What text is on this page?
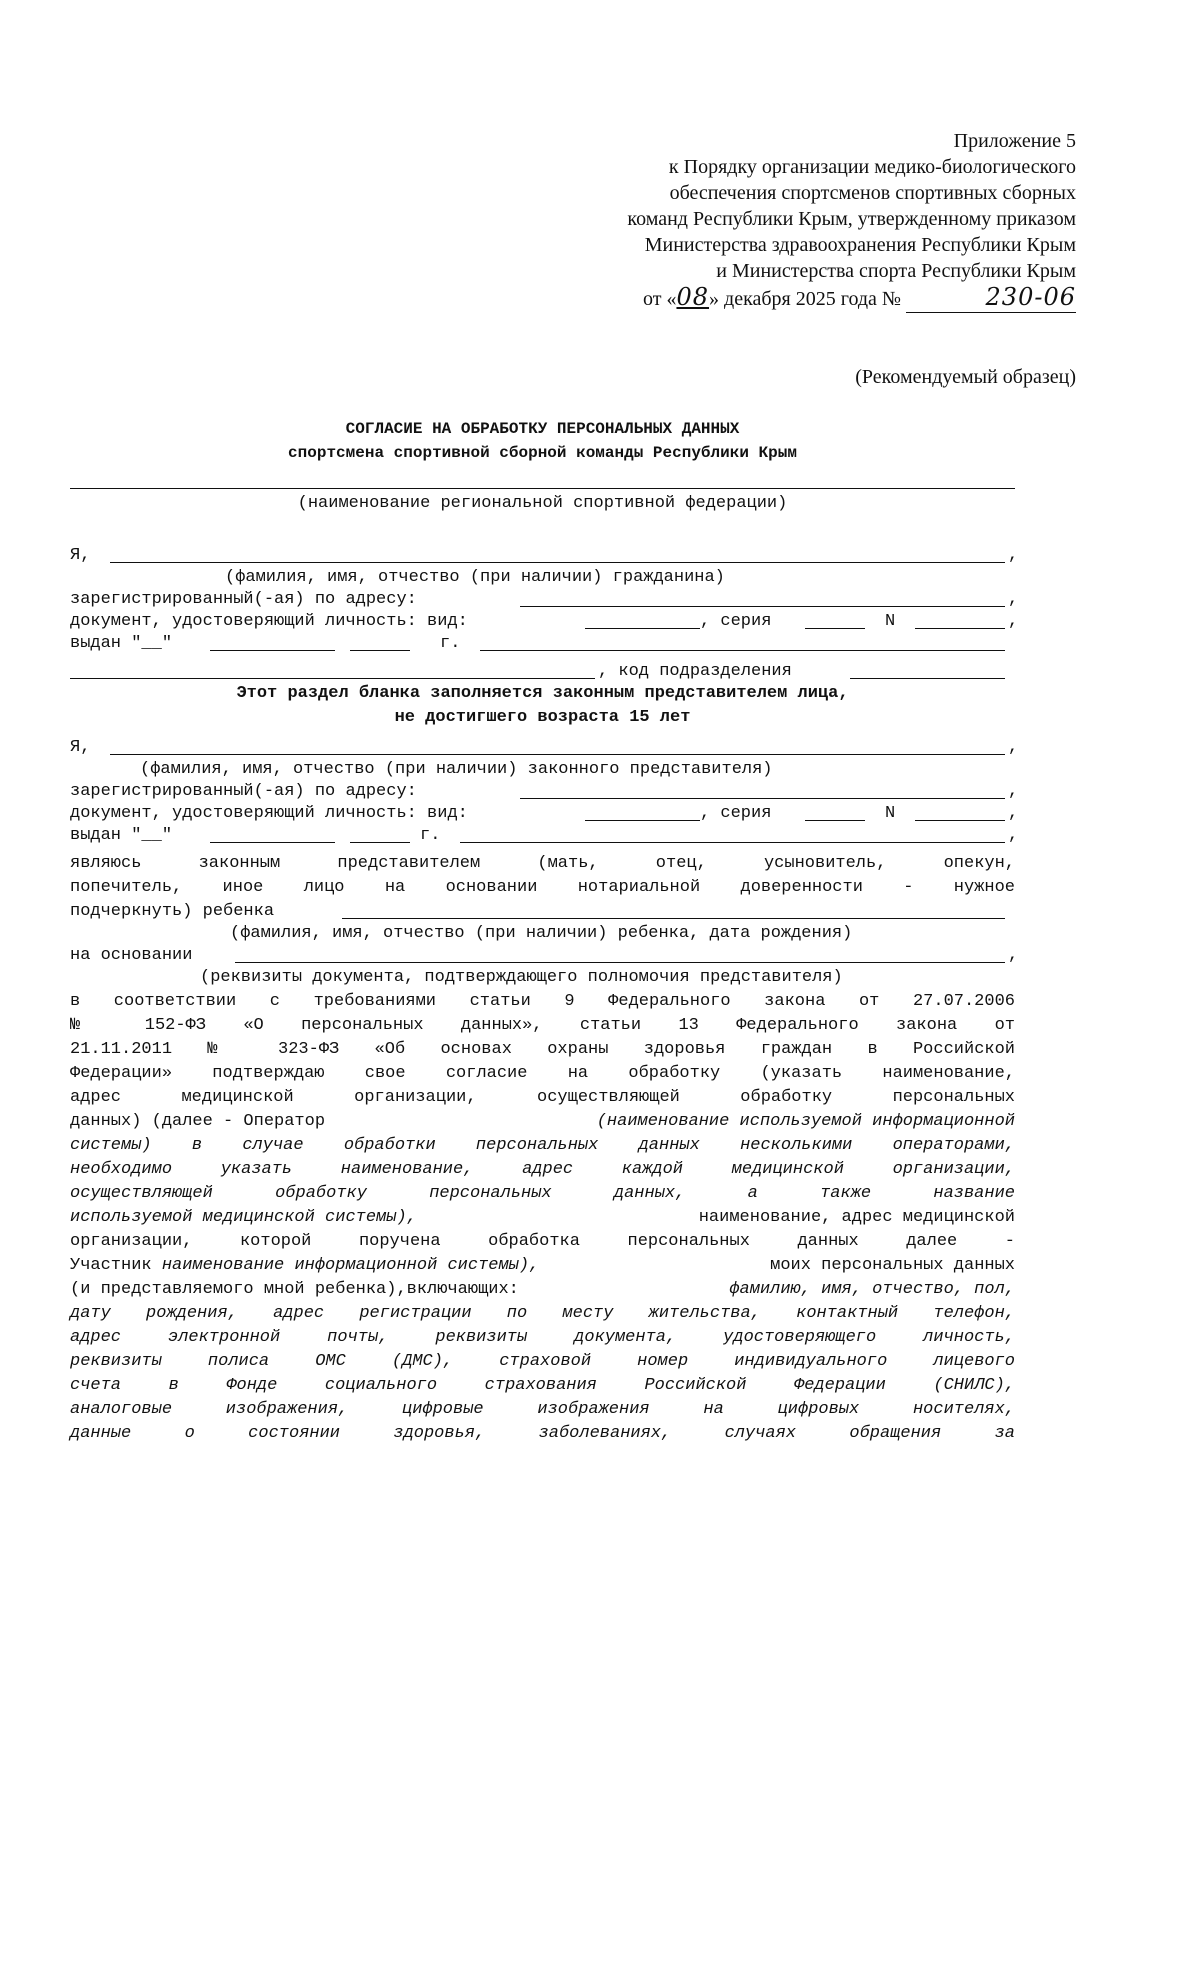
Приложение 5
к Порядку организации медико-биологического
обеспечения спортсменов спортивных сборных
команд Республики Крым, утвержденному приказом
Министерства здравоохранения Республики Крым
и Министерства спорта Республики Крым
от «08» декабря 2025 года №	230-06
(Рекомендуемый образец)
СОГЛАСИЕ НА ОБРАБОТКУ ПЕРСОНАЛЬНЫХ ДАННЫХ
спортсмена спортивной сборной команды Республики Крым
(наименование региональной спортивной федерации)
Я,	,
(фамилия, имя, отчество (при наличии) гражданина)
зарегистрированный(-ая) по адресу:	,
документ, удостоверяющий личность: вид:	, серия	N	,
выдан "__"	г.
, код подразделения
Этот раздел бланка заполняется законным представителем лица,
не достигшего возраста 15 лет
Я,	,
(фамилия, имя, отчество (при наличии) законного представителя)
зарегистрированный(-ая) по адресу:	,
документ, удостоверяющий личность: вид:	, серия	N	,
выдан "__"	г.	,
являюсь законным представителем (мать, отец, усыновитель, опекун,
попечитель, иное лицо на основании нотариальной доверенности - нужное
подчеркнуть) ребенка
(фамилия, имя, отчество (при наличии) ребенка, дата рождения)
на основании	,
(реквизиты документа, подтверждающего полномочия представителя)
в соответствии с требованиями статьи 9 Федерального закона от 27.07.2006
№ 152-ФЗ «О персональных данных», статьи 13 Федерального закона от
21.11.2011 № 323-ФЗ «Об основах охраны здоровья граждан в Российской
Федерации» подтверждаю свое согласие на обработку (указать наименование,
адрес медицинской организации, осуществляющей обработку персональных
данных) (далее - Оператор	(наименование используемой информационной
системы) в случае обработки персональных данных несколькими операторами,
необходимо указать наименование, адрес каждой медицинской организации,
осуществляющей обработку персональных данных, а также название
используемой медицинской системы),	наименование, адрес медицинской
организации, которой поручена обработка персональных данных далее -
Участник наименование информационной системы),	моих персональных данных
(и представляемого мной ребенка),включающих:	фамилию, имя, отчество, пол,
дату рождения, адрес регистрации по месту жительства, контактный телефон,
адрес электронной почты, реквизиты документа, удостоверяющего личность,
реквизиты полиса ОМС (ДМС), страховой номер индивидуального лицевого
счета в Фонде социального страхования Российской Федерации (СНИЛС),
аналоговые изображения, цифровые изображения на цифровых носителях,
данные о состоянии здоровья, заболеваниях, случаях обращения за
